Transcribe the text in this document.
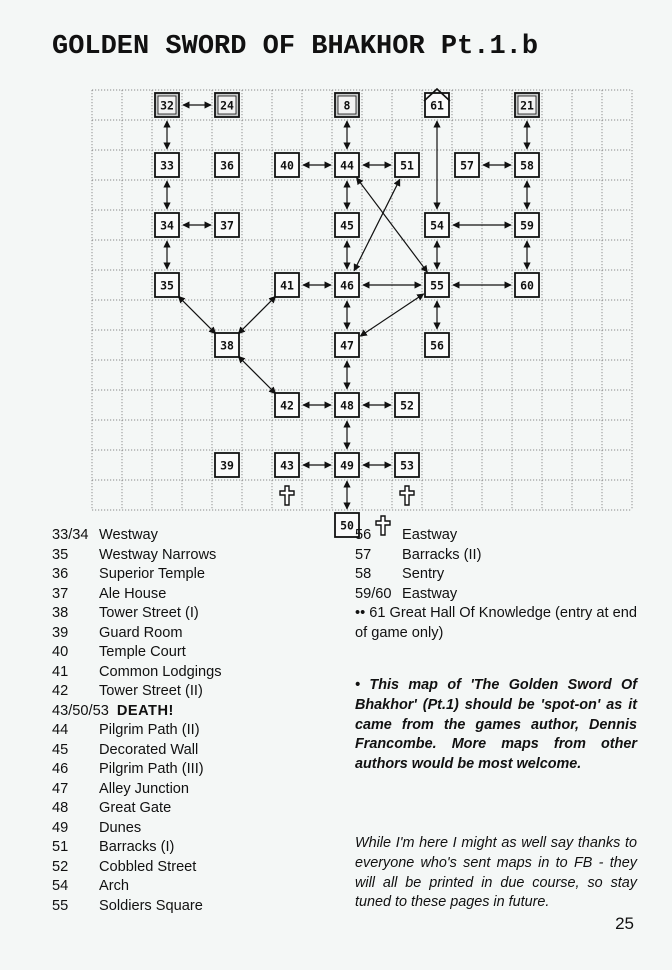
GOLDEN SWORD OF BHAKHOR Pt.1.b
32	24	8	61	21
33	36	40	44	51	57	58
34	37	45	54	59
35	41	46	55	60
38	47	56
42	48	52
39	43	49	53
50
33/34 Westway
35	Westway Narrows
36	Superior Temple
37	Ale House
38	Tower Street (I)
39	Guard Room
40	Temple Court
41	Common Lodgings
42	Tower Street (II)
43/50/53 DEATH!
44	Pilgrim Path (II)
45	Decorated Wall
46	Pilgrim Path (III)
47	Alley Junction
48	Great Gate
49	Dunes
51	Barracks (I)
52	Cobbled Street
54	Arch
55	Soldiers Square
56	Eastway
57	Barracks (II)
58	Sentry
59/60 Eastway
•• 61 Great Hall Of Knowledge (entry at end of game only)

• This map of 'The Golden Sword Of Bhakhor' (Pt.1) should be 'spot-on' as it came from the games author, Dennis Francombe. More maps from other authors would be most welcome.

While I'm here I might as well say thanks to everyone who's sent maps in to FB - they will all be printed in due course, so stay tuned to these pages in future.

25
